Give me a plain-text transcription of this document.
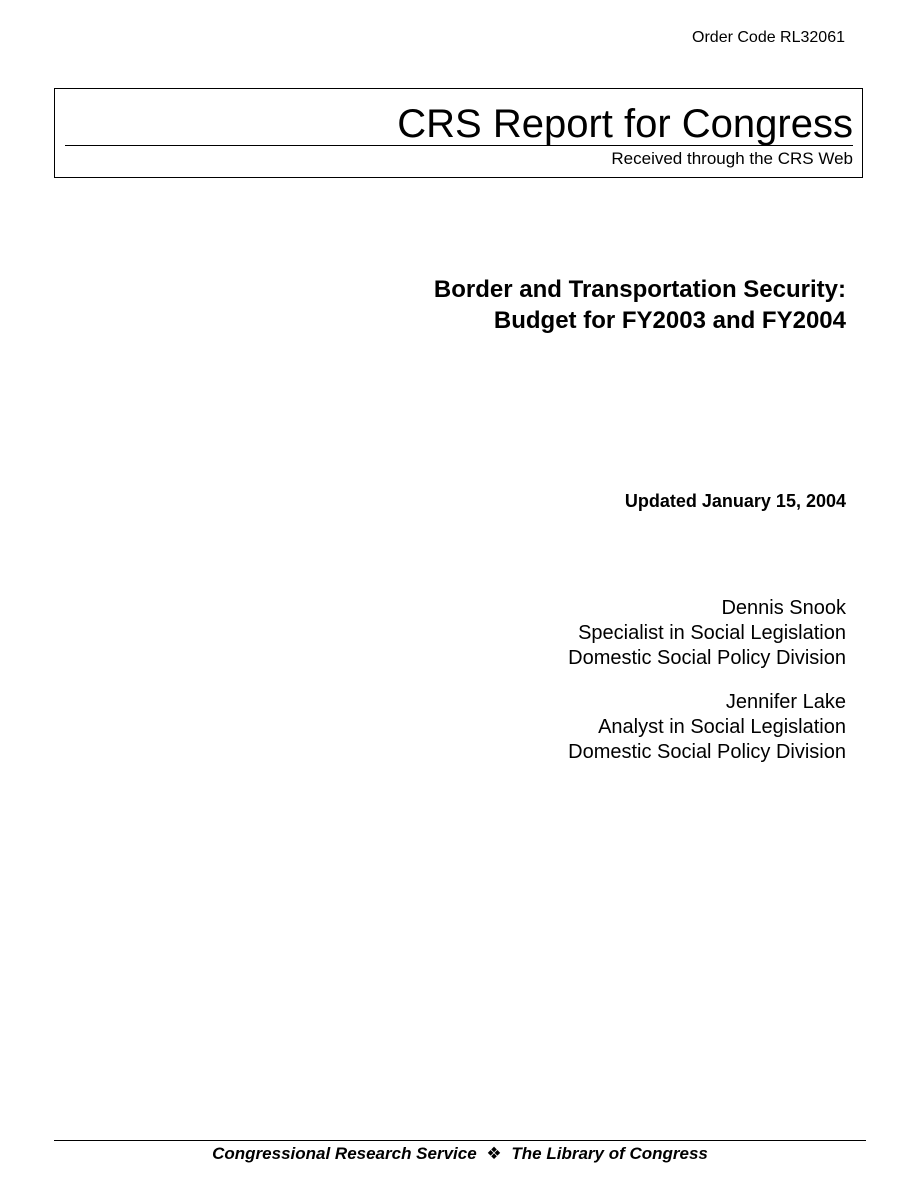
Order Code RL32061
CRS Report for Congress
Received through the CRS Web
Border and Transportation Security:
Budget for FY2003 and FY2004
Updated January 15, 2004
Dennis Snook
Specialist in Social Legislation
Domestic Social Policy Division
Jennifer Lake
Analyst in Social Legislation
Domestic Social Policy Division
Congressional Research Service ❖ The Library of Congress
